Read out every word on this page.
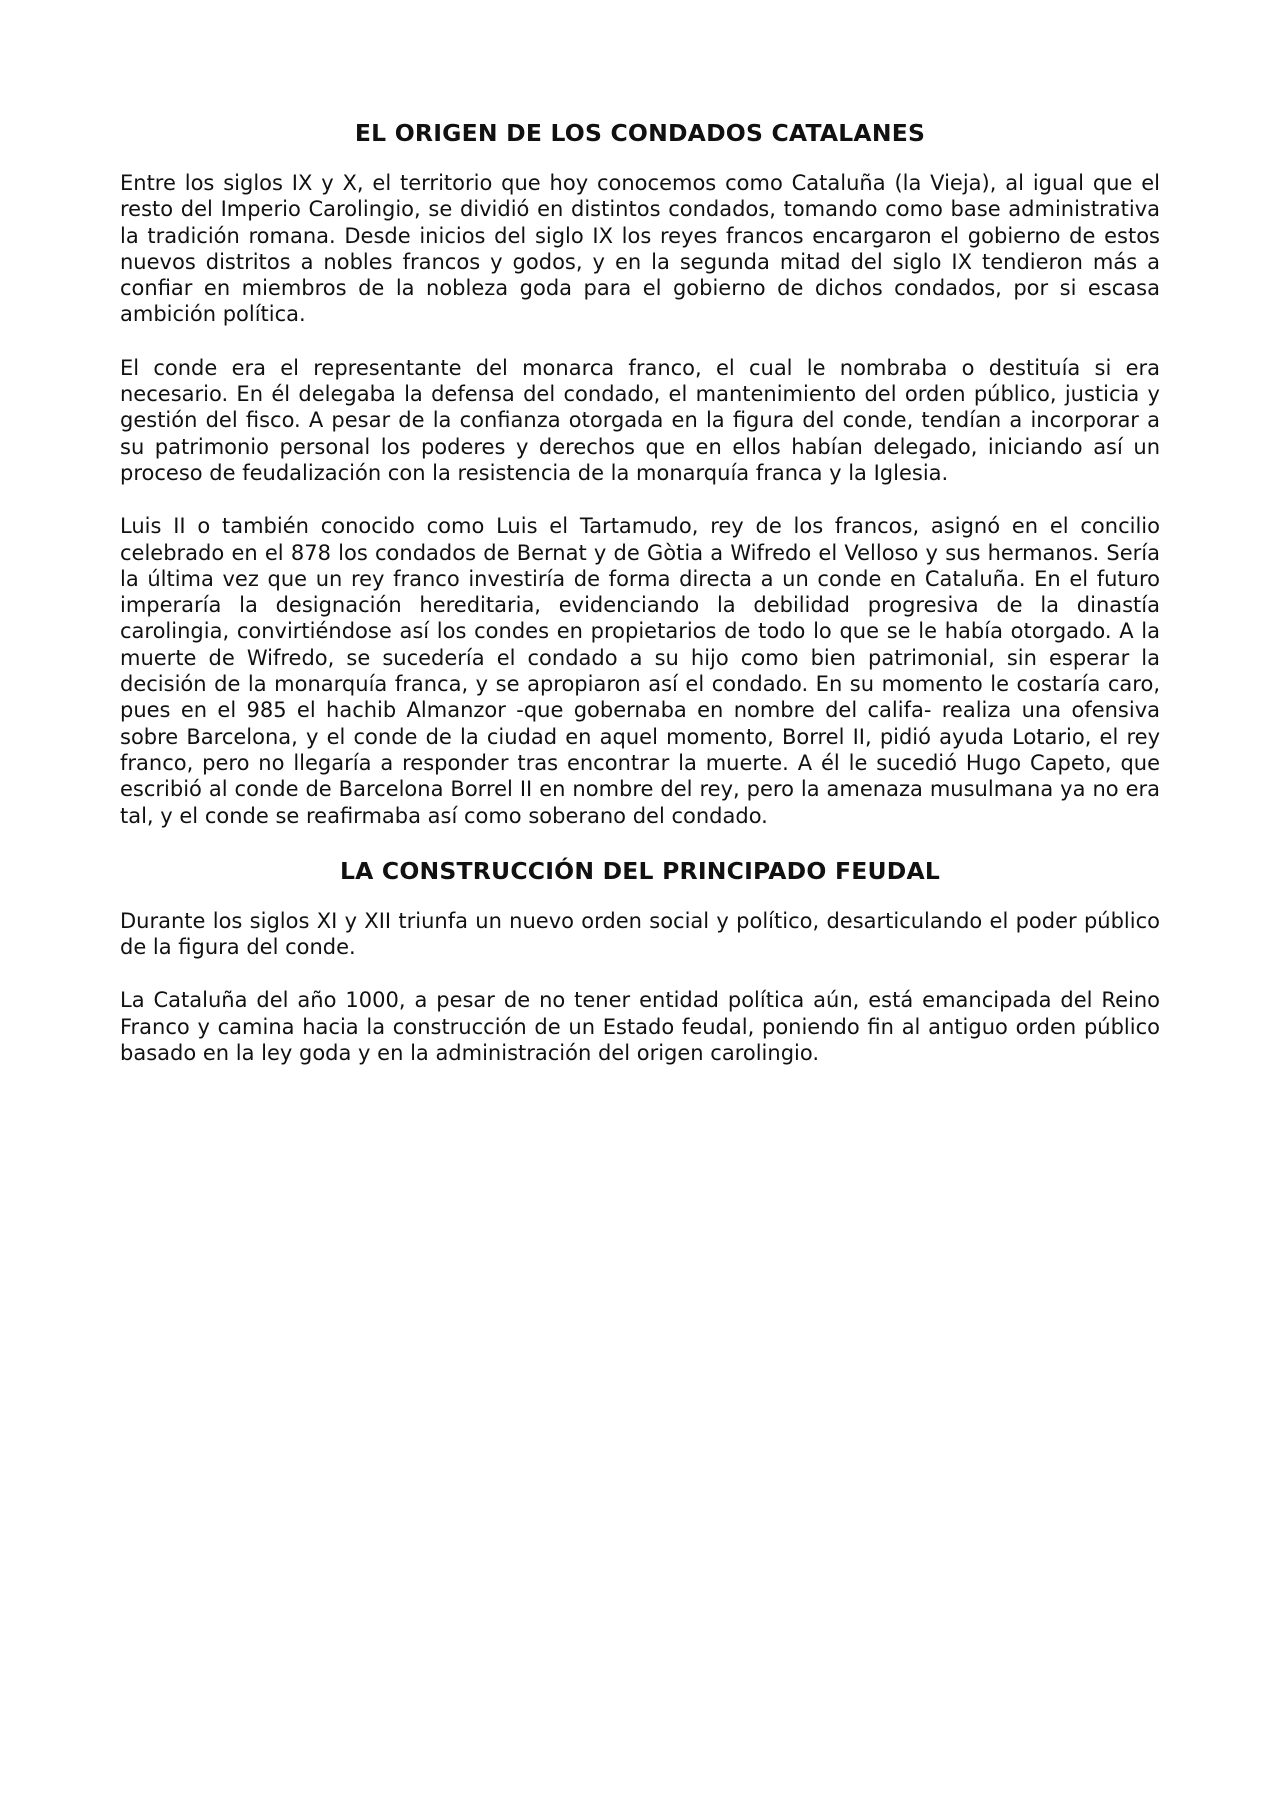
EL ORIGEN DE LOS CONDADOS CATALANES

Entre los siglos IX y X, el territorio que hoy conocemos como Cataluña (la Vieja), al igual que el resto del Imperio Carolingio, se dividió en distintos condados, tomando como base administrativa la tradición romana. Desde inicios del siglo IX los reyes francos encargaron el gobierno de estos nuevos distritos a nobles francos y godos, y en la segunda mitad del siglo IX tendieron más a confiar en miembros de la nobleza goda para el gobierno de dichos condados, por si escasa ambición política.

El conde era el representante del monarca franco, el cual le nombraba o destituía si era necesario. En él delegaba la defensa del condado, el mantenimiento del orden público, justicia y gestión del fisco. A pesar de la confianza otorgada en la figura del conde, tendían a incorporar a su patrimonio personal los poderes y derechos que en ellos habían delegado, iniciando así un proceso de feudalización con la resistencia de la monarquía franca y la Iglesia.

Luis II o también conocido como Luis el Tartamudo, rey de los francos, asignó en el concilio celebrado en el 878 los condados de Bernat y de Gòtia a Wifredo el Velloso y sus hermanos. Sería la última vez que un rey franco investiría de forma directa a un conde en Cataluña. En el futuro imperaría la designación hereditaria, evidenciando la debilidad progresiva de la dinastía carolingia, convirtiéndose así los condes en propietarios de todo lo que se le había otorgado. A la muerte de Wifredo, se sucedería el condado a su hijo como bien patrimonial, sin esperar la decisión de la monarquía franca, y se apropiaron así el condado. En su momento le costaría caro, pues en el 985 el hachib Almanzor -que gobernaba en nombre del califa- realiza una ofensiva sobre Barcelona, y el conde de la ciudad en aquel momento, Borrel II, pidió ayuda Lotario, el rey franco, pero no llegaría a responder tras encontrar la muerte. A él le sucedió Hugo Capeto, que escribió al conde de Barcelona Borrel II en nombre del rey, pero la amenaza musulmana ya no era tal, y el conde se reafirmaba así como soberano del condado.

LA CONSTRUCCIÓN DEL PRINCIPADO FEUDAL

Durante los siglos XI y XII triunfa un nuevo orden social y político, desarticulando el poder público de la figura del conde.

La Cataluña del año 1000, a pesar de no tener entidad política aún, está emancipada del Reino Franco y camina hacia la construcción de un Estado feudal, poniendo fin al antiguo orden público basado en la ley goda y en la administración del origen carolingio.
